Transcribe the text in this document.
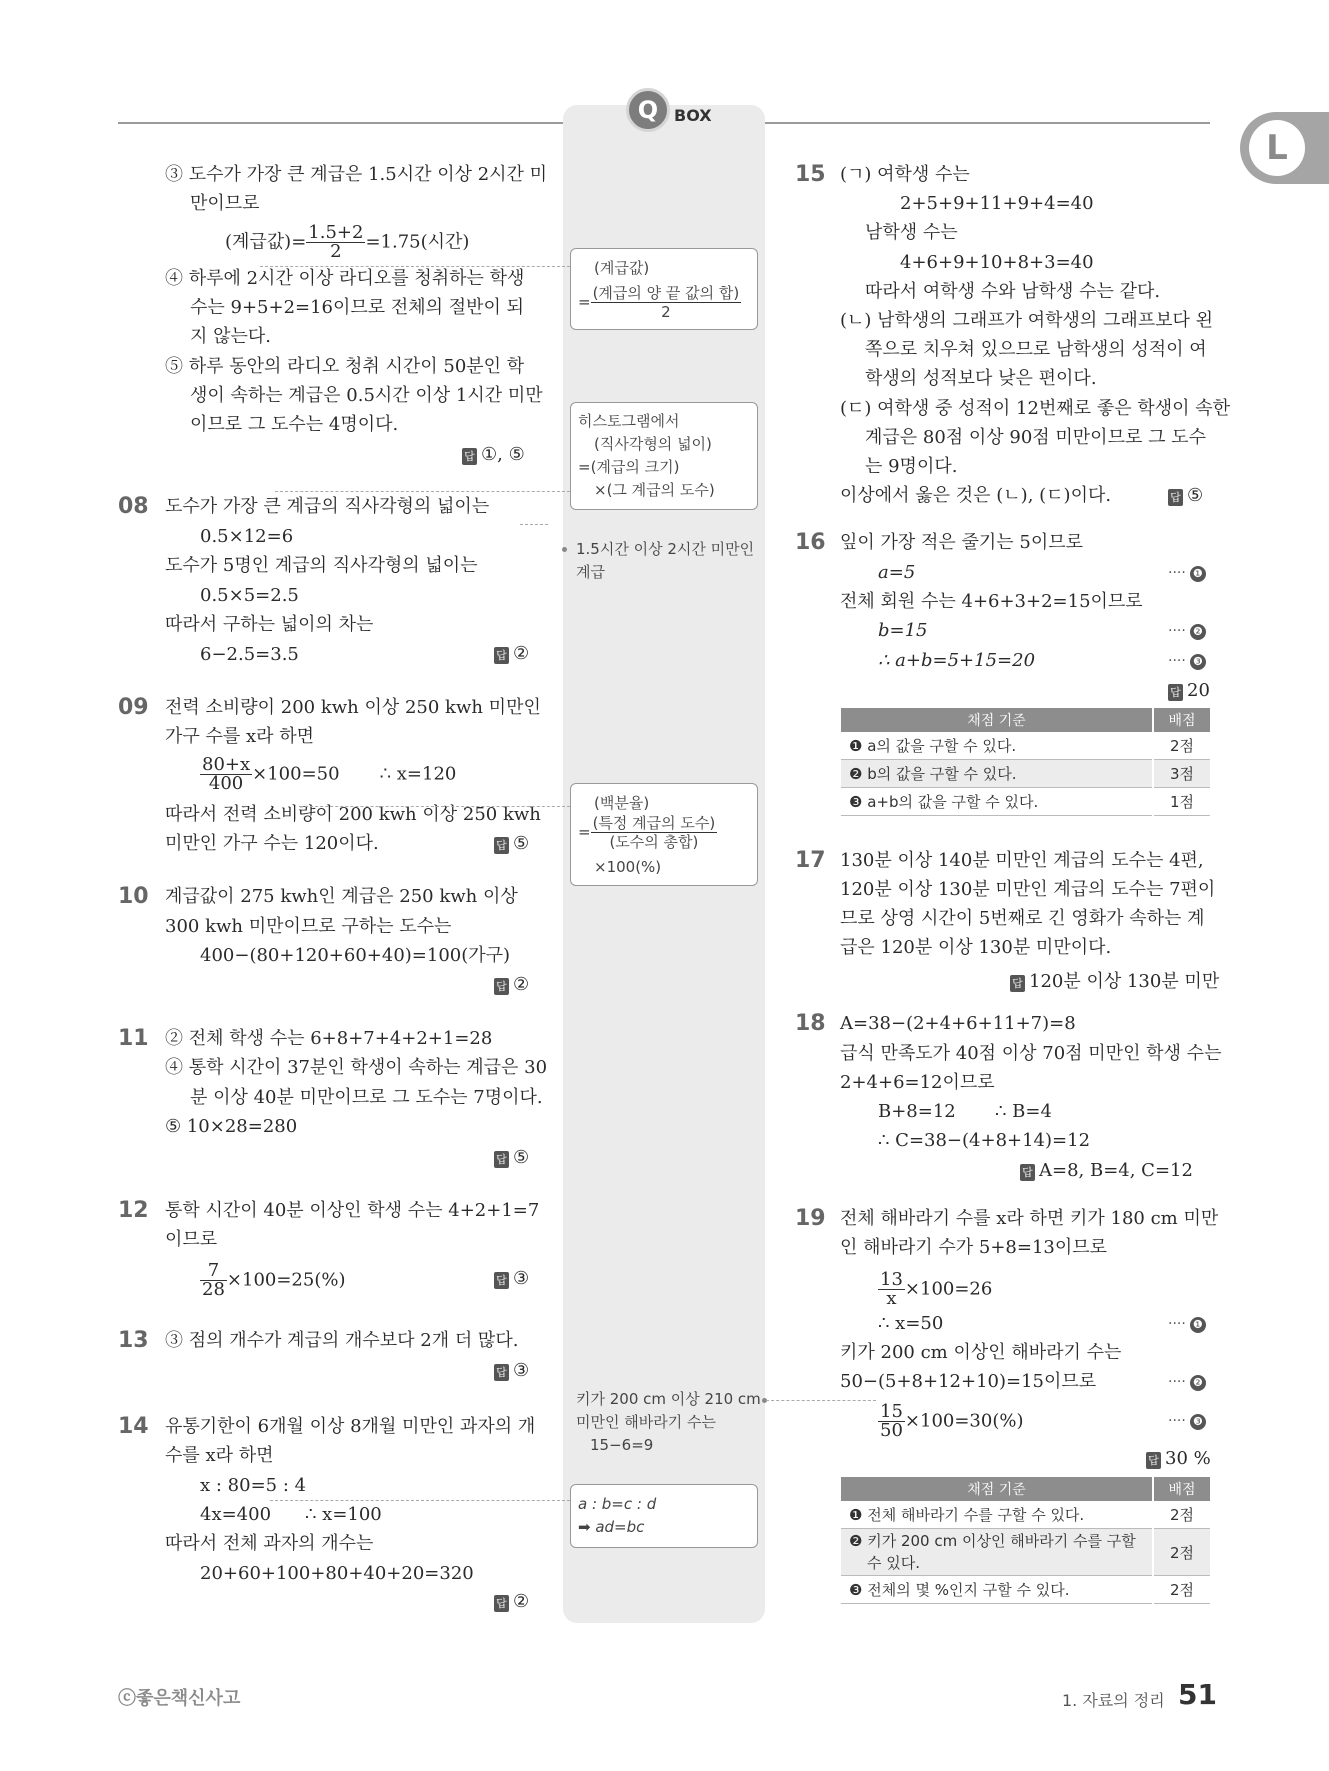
Q BOX
L
③ 도수가 가장 큰 계급은 1.5시간 이상 2시간 미
만이므로
(계급값)= $\frac{1.5+2}{2} =1.75$(시간)
④ 하루에 2시간 이상 라디오를 청취하는 학생
수는 9+5+2=16이므로 전체의 절반이 되
지 않는다.
⑤ 하루 동안의 라디오 청취 시간이 50분인 학
생이 속하는 계급은 0.5시간 이상 1시간 미만
이므로 그 도수는 4명이다.
답 ①, ⑤
08 도수가 가장 큰 계급의 직사각형의 넓이는
0.5×12=6
도수가 5명인 계급의 직사각형의 넓이는
0.5×5=2.5
따라서 구하는 넓이의 차는
6−2.5=3.5	답 ②
09 전력 소비량이 200 kwh 이상 250 kwh 미만인
가구 수를 x라 하면
$\frac{80+x}{400} \times 100=50$ ∴ x=120
따라서 전력 소비량이 200 kwh 이상 250 kwh
미만인 가구 수는 120이다.	답 ⑤
10 계급값이 275 kwh인 계급은 250 kwh 이상
300 kwh 미만이므로 구하는 도수는
400−(80+120+60+40)=100(가구)
답 ②
11 ② 전체 학생 수는 6+8+7+4+2+1=28
④ 통학 시간이 37분인 학생이 속하는 계급은 30
분 이상 40분 미만이므로 그 도수는 7명이다.
⑤ 10×28=280
답 ⑤
12 통학 시간이 40분 이상인 학생 수는 4+2+1=7
이므로
$\frac{7}{28} \times 100=25(\%)$	답 ③
13 ③ 점의 개수가 계급의 개수보다 2개 더 많다.
답 ③
14 유통기한이 6개월 이상 8개월 미만인 과자의 개
수를 x라 하면
x : 80=5 : 4
4x=400 ∴ x=100
따라서 전체 과자의 개수는
20+60+100+80+40+20=320
답 ②
(계급값)
= $\frac{\text{(계급의 양 끝 값의 합)}}{2}$
히스토그램에서
(직사각형의 넓이)
=(계급의 크기)
×(그 계급의 도수)
1.5시간 이상 2시간 미만인
계급
(백분율)
= $\frac{\text{(특정 계급의 도수)}}{\text{(도수의 총합)}}$
×100(%)
키가 200 cm 이상 210 cm
미만인 해바라기 수는
15−6=9
a : b=c : d
➡ ad=bc
15 (ㄱ) 여학생 수는
2+5+9+11+9+4=40
남학생 수는
4+6+9+10+8+3=40
따라서 여학생 수와 남학생 수는 같다.
(ㄴ) 남학생의 그래프가 여학생의 그래프보다 왼
쪽으로 치우쳐 있으므로 남학생의 성적이 여
학생의 성적보다 낮은 편이다.
(ㄷ) 여학생 중 성적이 12번째로 좋은 학생이 속한
계급은 80점 이상 90점 미만이므로 그 도수
는 9명이다.
이상에서 옳은 것은 (ㄴ), (ㄷ)이다.	답 ⑤
16 잎이 가장 적은 줄기는 5이므로
a=5	···· ❶
전체 회원 수는 4+6+3+2=15이므로
b=15	···· ❷
∴ a+b=5+15=20	···· ❸
답 20
채점 기준	배점
❶ a의 값을 구할 수 있다.	2점
❷ b의 값을 구할 수 있다.	3점
❸ a+b의 값을 구할 수 있다.	1점
17 130분 이상 140분 미만인 계급의 도수는 4편,
120분 이상 130분 미만인 계급의 도수는 7편이
므로 상영 시간이 5번째로 긴 영화가 속하는 계
급은 120분 이상 130분 미만이다.
답 120분 이상 130분 미만
18 A=38−(2+4+6+11+7)=8
급식 만족도가 40점 이상 70점 미만인 학생 수는
2+4+6=12이므로
B+8=12 ∴ B=4
∴ C=38−(4+8+14)=12
답 A=8, B=4, C=12
19 전체 해바라기 수를 x라 하면 키가 180 cm 미만
인 해바라기 수가 5+8=13이므로
$\frac{13}{x} \times 100=26$
∴ x=50	···· ❶
키가 200 cm 이상인 해바라기 수는
50−(5+8+12+10)=15이므로	···· ❷
$\frac{15}{50} \times 100=30(\%)$	···· ❸
답 30 %
채점 기준	배점
❶ 전체 해바라기 수를 구할 수 있다.	2점
❷ 키가 200 cm 이상인 해바라기 수를 구할
수 있다.	2점
❸ 전체의 몇 %인지 구할 수 있다.	2점
ⓒ좋은책신사고	1. 자료의 정리 51
